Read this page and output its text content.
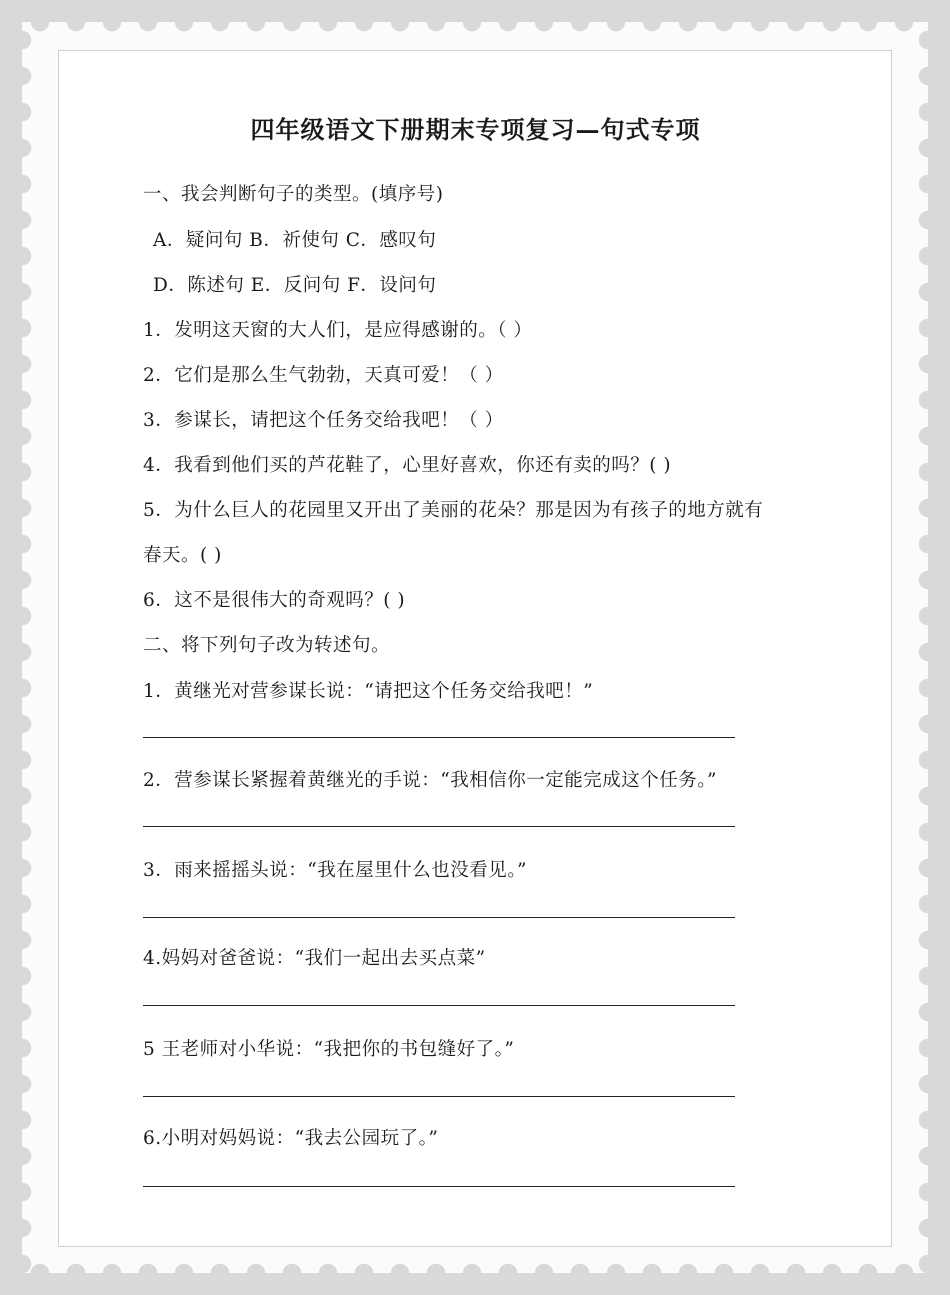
四年级语文下册期末专项复习—句式专项
一、我会判断句子的类型。(填序号)
A．疑问句 B．祈使句 C．感叹句
D．陈述句 E．反问句 F．设问句
1．发明这天窗的大人们，是应得感谢的。（ ）
2．它们是那么生气勃勃，天真可爱！（ ）
3．参谋长，请把这个任务交给我吧！（ ）
4．我看到他们买的芦花鞋了，心里好喜欢，你还有卖的吗？( )
5．为什么巨人的花园里又开出了美丽的花朵？那是因为有孩子的地方就有
春天。( )
6．这不是很伟大的奇观吗？( )
二、将下列句子改为转述句。
1．黄继光对营参谋长说：“请把这个任务交给我吧！”
2．营参谋长紧握着黄继光的手说：“我相信你一定能完成这个任务。”
3．雨来摇摇头说：“我在屋里什么也没看见。”
4.妈妈对爸爸说：“我们一起出去买点菜”
5 王老师对小华说：“我把你的书包缝好了。”
6.小明对妈妈说：“我去公园玩了。”
